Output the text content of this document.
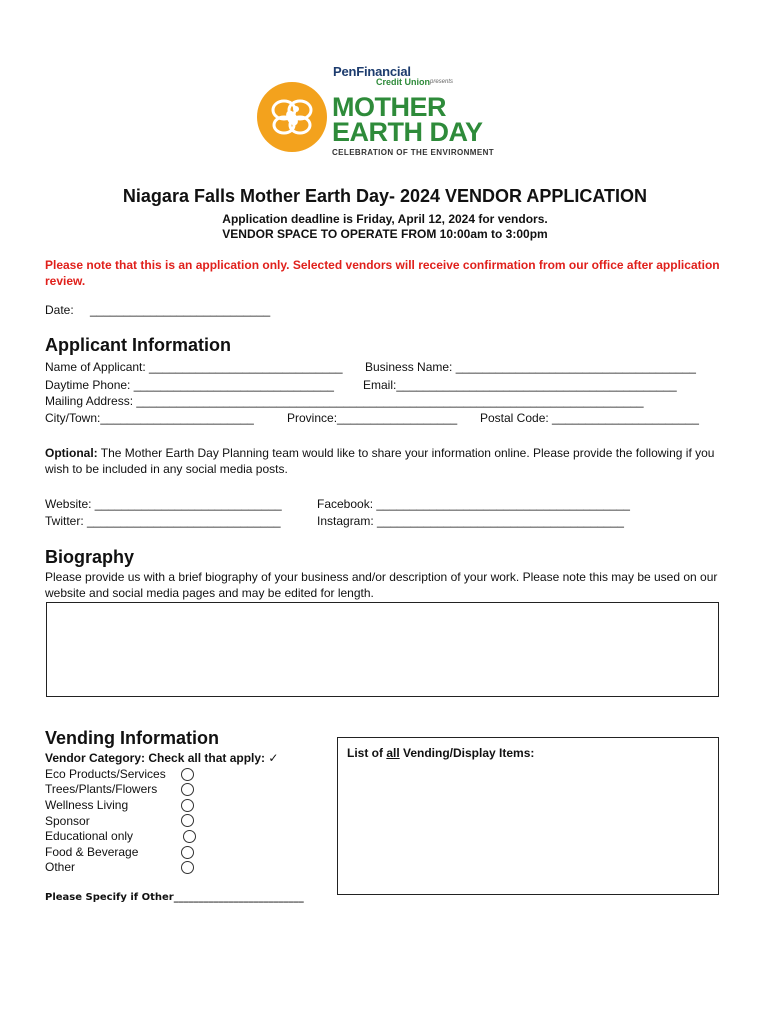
PenFinancial
Credit Union presents
MOTHER
EARTH DAY
CELEBRATION OF THE ENVIRONMENT
Niagara Falls Mother Earth Day- 2024 VENDOR APPLICATION
Application deadline is Friday, April 12, 2024 for vendors.
VENDOR SPACE TO OPERATE FROM 10:00am to 3:00pm
Please note that this is an application only. Selected vendors will receive confirmation from our office after application review.
Date: ___________________________
Applicant Information
Name of Applicant: _____________________________ Business Name: ____________________________________
Daytime Phone: ______________________________ Email:__________________________________________
Mailing Address: ____________________________________________________________________________
City/Town:_______________________	Province:__________________ Postal Code: ______________________
Optional: The Mother Earth Day Planning team would like to share your information online. Please provide the following if you wish to be included in any social media posts.
Website: ____________________________	Facebook: ______________________________________
Twitter: _____________________________	Instagram: _____________________________________
Biography
Please provide us with a brief biography of your business and/or description of your work. Please note this may be used on our website and social media pages and may be edited for length.
Vending Information
Vendor Category: Check all that apply: ✓
Eco Products/Services
Trees/Plants/Flowers
Wellness Living
Sponsor
Educational only
Food & Beverage
Other
List of all Vending/Display Items:
Please Specify if Other__________________________
